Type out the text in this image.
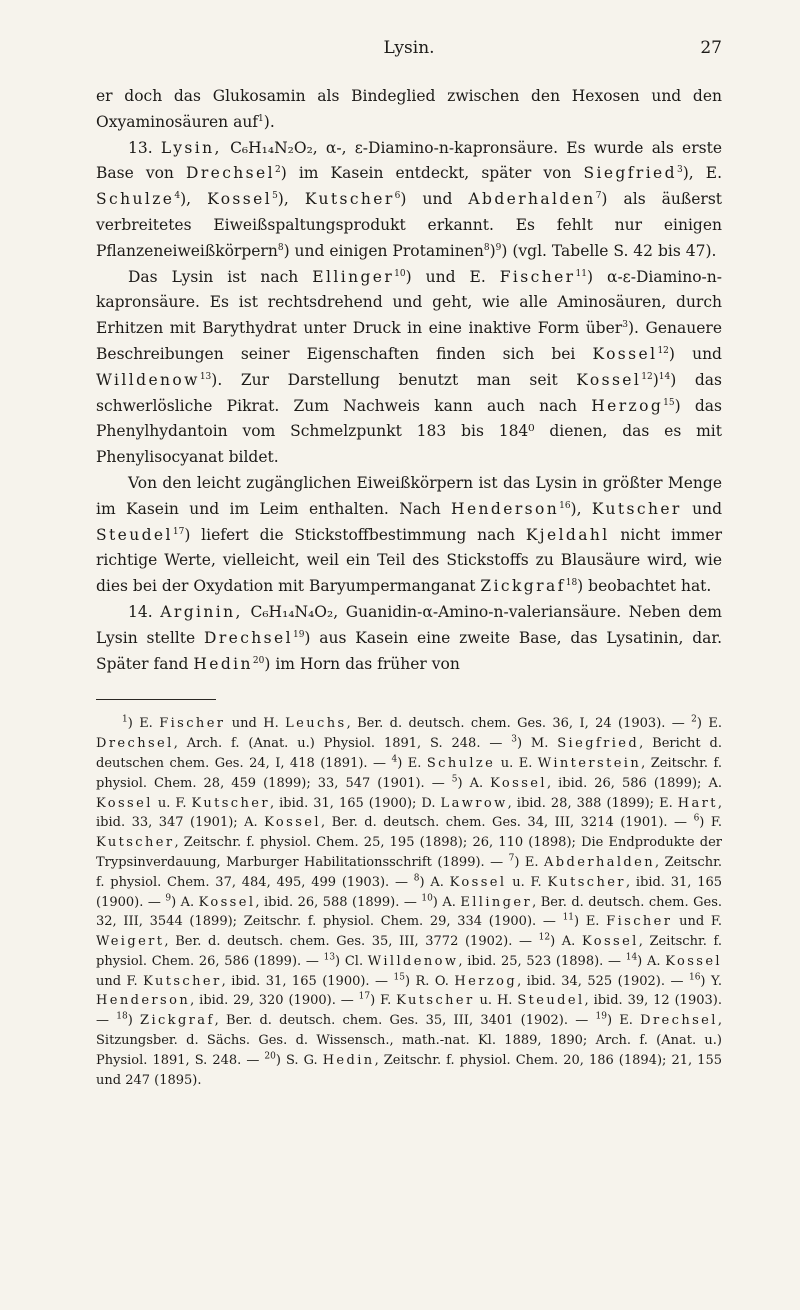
Lysin.	27

er doch das Glukosamin als Bindeglied zwischen den Hexosen und den Oxyaminosäuren auf$^1$).

13. Lysin, C₆H₁₄N₂O₂, α-, ε-Diamino-n-kapronsäure. Es wurde als erste Base von Drechsel$^2$) im Kasein entdeckt, später von Siegfried$^3$), E. Schulze$^4$), Kossel$^5$), Kutscher$^6$) und Abderhalden$^7$) als äußerst verbreitetes Eiweißspaltungsprodukt erkannt. Es fehlt nur einigen Pflanzeneiweißkörpern$^8$) und einigen Protaminen$^8$)$^9$) (vgl. Tabelle S. 42 bis 47).

Das Lysin ist nach Ellinger$^{10}$) und E. Fischer$^{11}$) α-ε-Diamino-n-kapronsäure. Es ist rechtsdrehend und geht, wie alle Aminosäuren, durch Erhitzen mit Barythydrat unter Druck in eine inaktive Form über$^3$). Genauere Beschreibungen seiner Eigenschaften finden sich bei Kossel$^{12}$) und Willdenow$^{13}$). Zur Darstellung benutzt man seit Kossel$^{12}$)$^{14}$) das schwerlösliche Pikrat. Zum Nachweis kann auch nach Herzog$^{15}$) das Phenylhydantoin vom Schmelzpunkt 183 bis 184⁰ dienen, das es mit Phenylisocyanat bildet.

Von den leicht zugänglichen Eiweißkörpern ist das Lysin in größter Menge im Kasein und im Leim enthalten. Nach Henderson$^{16}$), Kutscher und Steudel$^{17}$) liefert die Stickstoffbestimmung nach Kjeldahl nicht immer richtige Werte, vielleicht, weil ein Teil des Stickstoffs zu Blausäure wird, wie dies bei der Oxydation mit Baryumpermanganat Zickgraf$^{18}$) beobachtet hat.

14. Arginin, C₆H₁₄N₄O₂, Guanidin-α-Amino-n-valeriansäure. Neben dem Lysin stellte Drechsel$^{19}$) aus Kasein eine zweite Base, das Lysatinin, dar. Später fand Hedin$^{20}$) im Horn das früher von

$^1$) E. Fischer und H. Leuchs, Ber. d. deutsch. chem. Ges. 36, I, 24 (1903). — $^2$) E. Drechsel, Arch. f. (Anat. u.) Physiol. 1891, S. 248. — $^3$) M. Siegfried, Bericht d. deutschen chem. Ges. 24, I, 418 (1891). — $^4$) E. Schulze u. E. Winterstein, Zeitschr. f. physiol. Chem. 28, 459 (1899); 33, 547 (1901). — $^5$) A. Kossel, ibid. 26, 586 (1899); A. Kossel u. F. Kutscher, ibid. 31, 165 (1900); D. Lawrow, ibid. 28, 388 (1899); E. Hart, ibid. 33, 347 (1901); A. Kossel, Ber. d. deutsch. chem. Ges. 34, III, 3214 (1901). — $^6$) F. Kutscher, Zeitschr. f. physiol. Chem. 25, 195 (1898); 26, 110 (1898); Die Endprodukte der Trypsinverdauung, Marburger Habilitationsschrift (1899). — $^7$) E. Abderhalden, Zeitschr. f. physiol. Chem. 37, 484, 495, 499 (1903). — $^8$) A. Kossel u. F. Kutscher, ibid. 31, 165 (1900). — $^9$) A. Kossel, ibid. 26, 588 (1899). — $^{10}$) A. Ellinger, Ber. d. deutsch. chem. Ges. 32, III, 3544 (1899); Zeitschr. f. physiol. Chem. 29, 334 (1900). — $^{11}$) E. Fischer und F. Weigert, Ber. d. deutsch. chem. Ges. 35, III, 3772 (1902). — $^{12}$) A. Kossel, Zeitschr. f. physiol. Chem. 26, 586 (1899). — $^{13}$) Cl. Willdenow, ibid. 25, 523 (1898). — $^{14}$) A. Kossel und F. Kutscher, ibid. 31, 165 (1900). — $^{15}$) R. O. Herzog, ibid. 34, 525 (1902). — $^{16}$) Y. Henderson, ibid. 29, 320 (1900). — $^{17}$) F. Kutscher u. H. Steudel, ibid. 39, 12 (1903). — $^{18}$) Zickgraf, Ber. d. deutsch. chem. Ges. 35, III, 3401 (1902). — $^{19}$) E. Drechsel, Sitzungsber. d. Sächs. Ges. d. Wissensch., math.-nat. Kl. 1889, 1890; Arch. f. (Anat. u.) Physiol. 1891, S. 248. — $^{20}$) S. G. Hedin, Zeitschr. f. physiol. Chem. 20, 186 (1894); 21, 155 und 247 (1895).
